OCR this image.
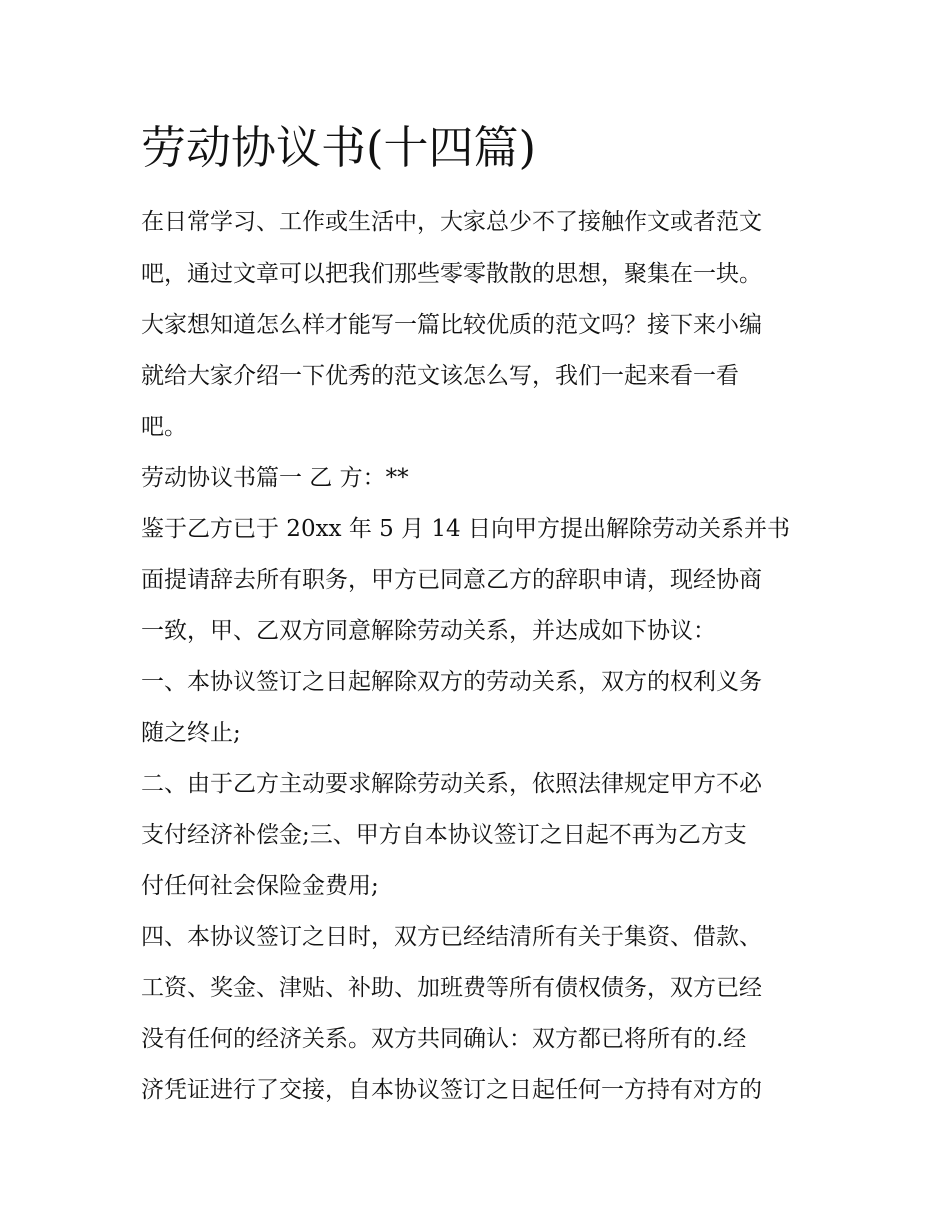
劳动协议书(十四篇)

在日常学习、工作或生活中，大家总少不了接触作文或者范文

吧，通过文章可以把我们那些零零散散的思想，聚集在一块。

大家想知道怎么样才能写一篇比较优质的范文吗？接下来小编

就给大家介绍一下优秀的范文该怎么写，我们一起来看一看

吧。

劳动协议书篇一 乙 方：**

鉴于乙方已于 20xx 年 5 月 14 日向甲方提出解除劳动关系并书

面提请辞去所有职务，甲方已同意乙方的辞职申请，现经协商

一致，甲、乙双方同意解除劳动关系，并达成如下协议：

一、本协议签订之日起解除双方的劳动关系，双方的权利义务

随之终止;

二、由于乙方主动要求解除劳动关系，依照法律规定甲方不必

支付经济补偿金;三、甲方自本协议签订之日起不再为乙方支

付任何社会保险金费用;

四、本协议签订之日时，双方已经结清所有关于集资、借款、

工资、奖金、津贴、补助、加班费等所有债权债务，双方已经

没有任何的经济关系。双方共同确认：双方都已将所有的.经

济凭证进行了交接，自本协议签订之日起任何一方持有对方的
